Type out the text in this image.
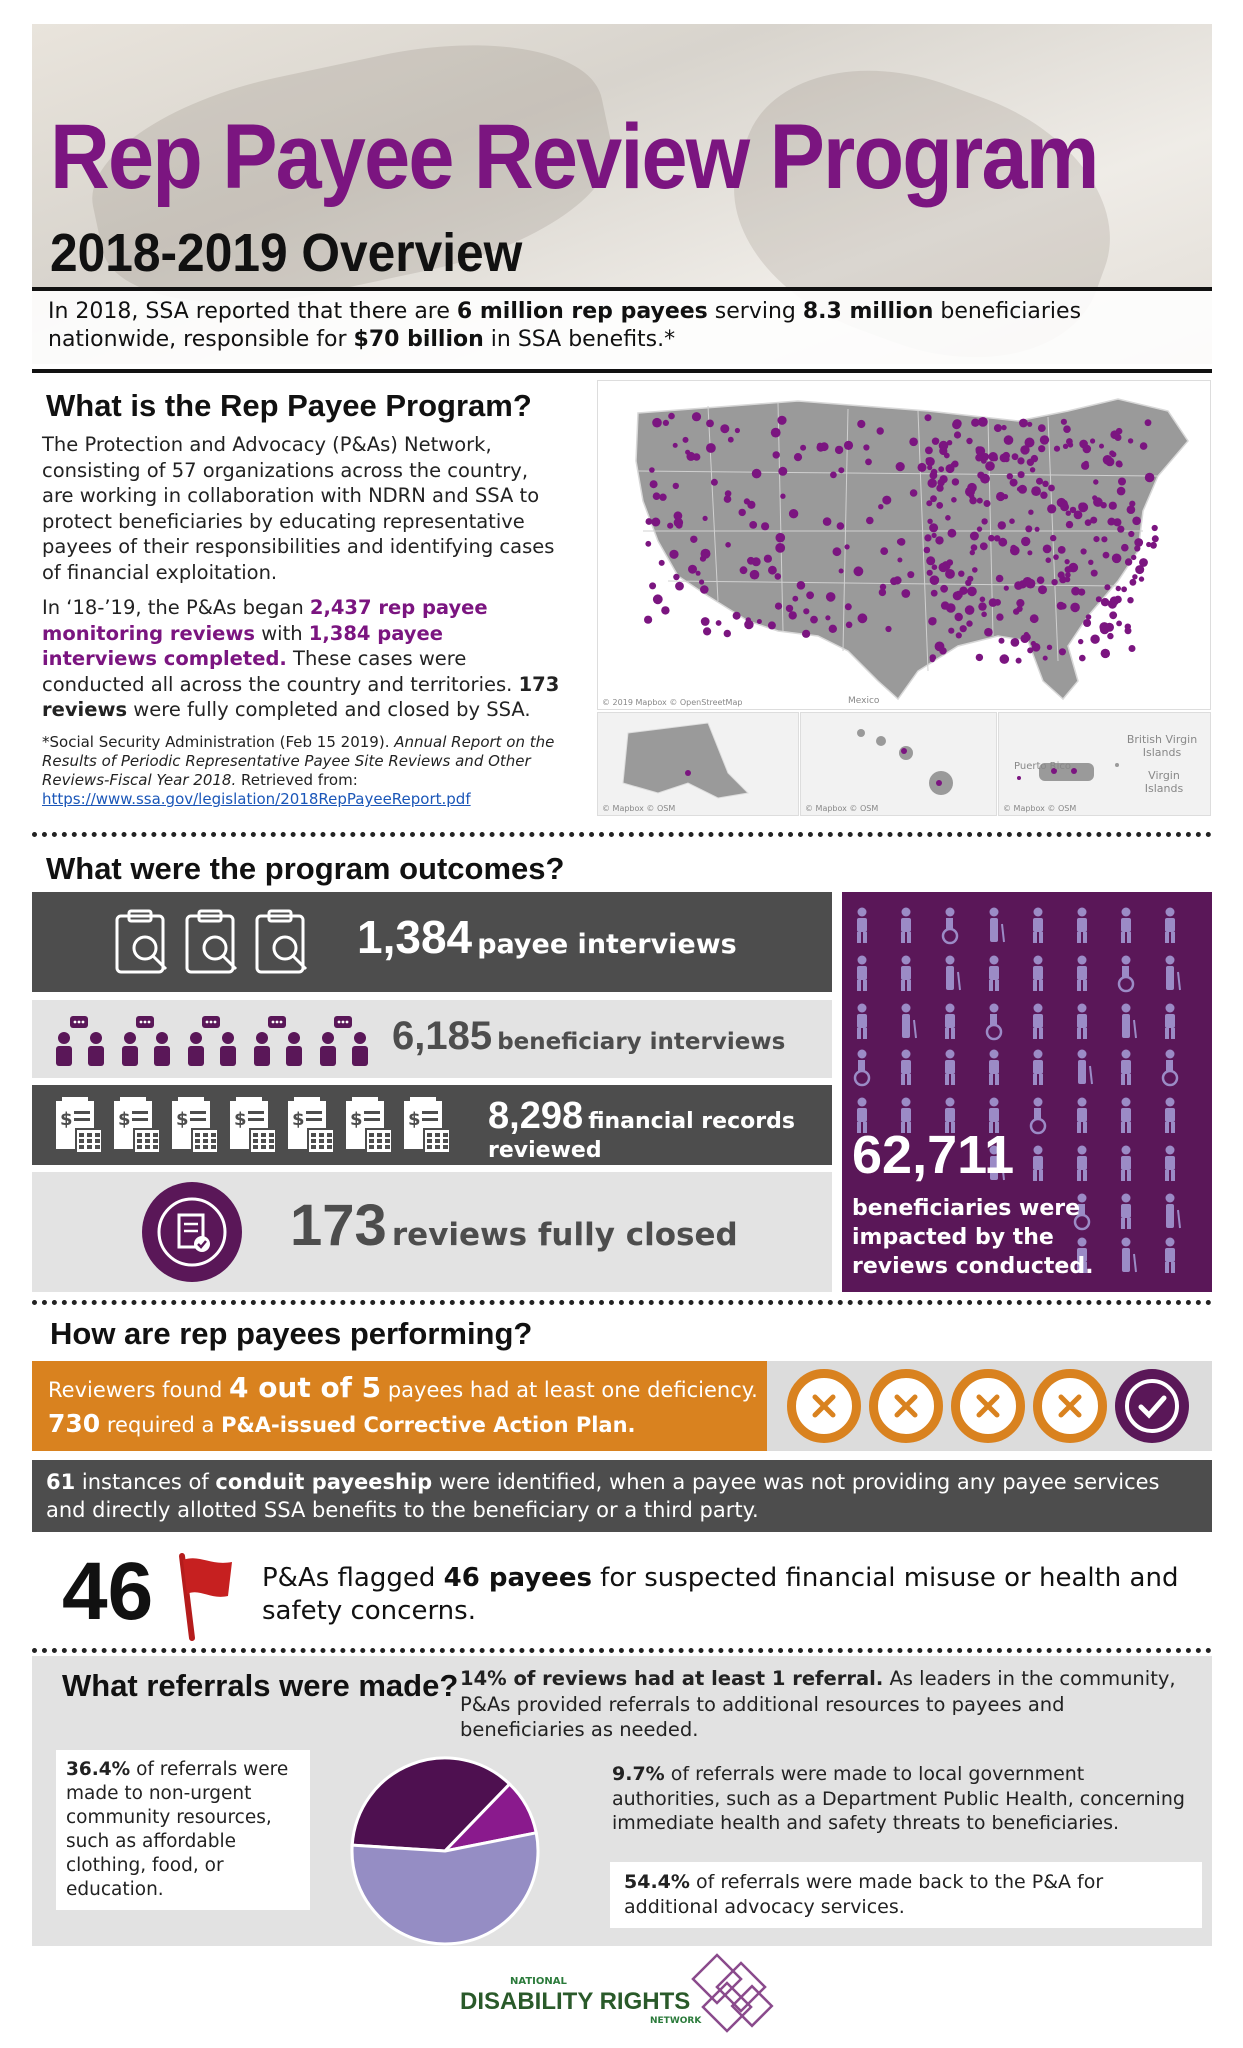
Rep Payee Review Program
2018-2019 Overview
In 2018, SSA reported that there are 6 million rep payees serving 8.3 million beneficiaries nationwide, responsible for $70 billion in SSA benefits.*
What is the Rep Payee Program?
The Protection and Advocacy (P&As) Network, consisting of 57 organizations across the country, are working in collaboration with NDRN and SSA to protect beneficiaries by educating representative payees of their responsibilities and identifying cases of financial exploitation.
In ‘18-’19, the P&As began 2,437 rep payee monitoring reviews with 1,384 payee interviews completed. These cases were conducted all across the country and territories. 173 reviews were fully completed and closed by SSA.
*Social Security Administration (Feb 15 2019). Annual Report on the Results of Periodic Representative Payee Site Reviews and Other Reviews-Fiscal Year 2018. Retrieved from:
https://www.ssa.gov/legislation/2018RepPayeeReport.pdf
Mexico
© 2019 Mapbox © OpenStreetMap
© Mapbox © OSM	© Mapbox © OSM
Puerto Rico
British Virgin Islands
Virgin Islands
© Mapbox © OSM
What were the program outcomes?
1,384 payee interviews
6,185 beneficiary interviews
$	$	$	$	$	$	$ 8,298 financial records reviewed
173 reviews fully closed
62,711
beneficiaries were impacted by the reviews conducted.
How are rep payees performing?
Reviewers found 4 out of 5 payees had at least one deficiency.
730 required a P&A-issued Corrective Action Plan.
61 instances of conduit payeeship were identified, when a payee was not providing any payee services and directly allotted SSA benefits to the beneficiary or a third party.
46	P&As flagged 46 payees for suspected financial misuse or health and safety concerns.
What referrals were made? 14% of reviews had at least 1 referral. As leaders in the community, P&As provided referrals to additional resources to payees and beneficiaries as needed.
36.4% of referrals were made to non-urgent community resources, such as affordable clothing, food, or education.
9.7% of referrals were made to local government authorities, such as a Department Public Health, concerning immediate health and safety threats to beneficiaries.
54.4% of referrals were made back to the P&A for additional advocacy services.
NATIONAL
DISABILITY RIGHTS
NETWORK
